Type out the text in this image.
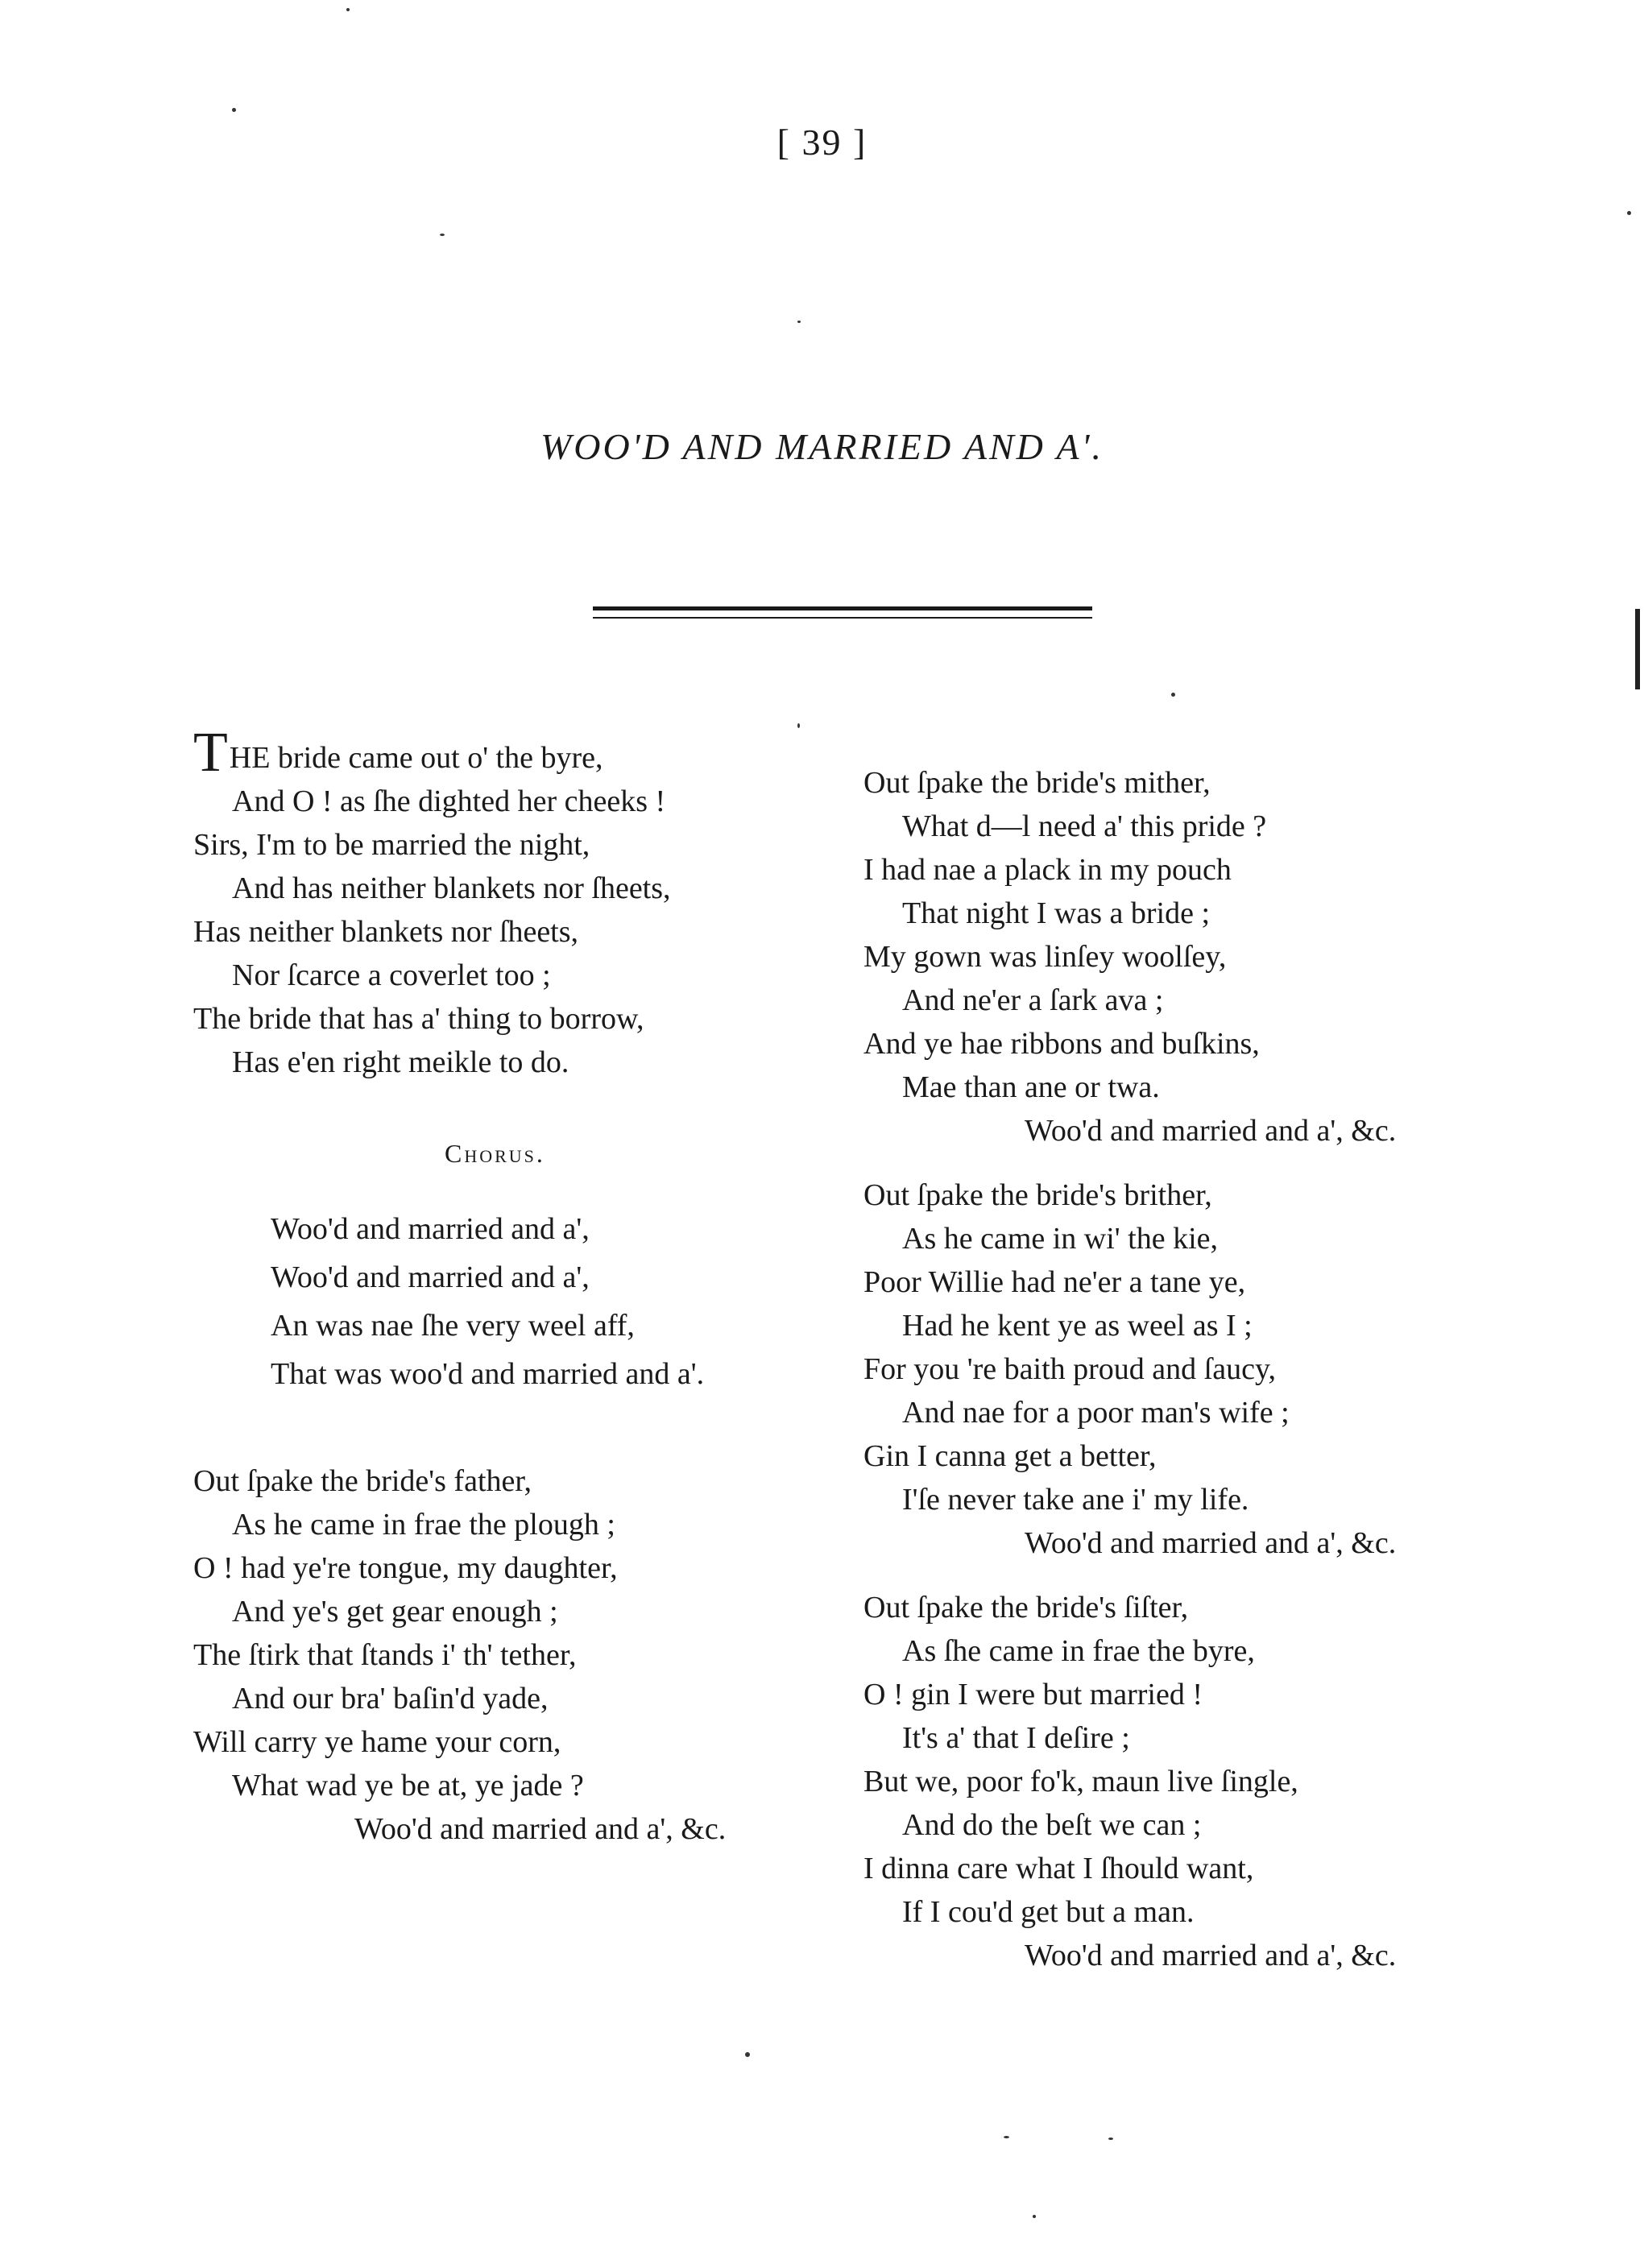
[ 39 ]
WOO'D AND MARRIED AND A'.
THE bride came out o' the byre,
And O ! as ſhe dighted her cheeks !
Sirs, I'm to be married the night,
And has neither blankets nor ſheets,
Has neither blankets nor ſheets,
Nor ſcarce a coverlet too ;
The bride that has a' thing to borrow,
Has e'en right meikle to do.
Chorus.
Woo'd and married and a',
Woo'd and married and a',
An was nae ſhe very weel aff,
That was woo'd and married and a'.
Out ſpake the bride's father,
As he came in frae the plough ;
O ! had ye're tongue, my daughter,
And ye's get gear enough ;
The ſtirk that ſtands i' th' tether,
And our bra' baſin'd yade,
Will carry ye hame your corn,
What wad ye be at, ye jade ?
Woo'd and married and a', &c.
Out ſpake the bride's mither,
What d—l need a' this pride ?
I had nae a plack in my pouch
That night I was a bride ;
My gown was linſey woolſey,
And ne'er a ſark ava ;
And ye hae ribbons and buſkins,
Mae than ane or twa.
Woo'd and married and a', &c.
Out ſpake the bride's brither,
As he came in wi' the kie,
Poor Willie had ne'er a tane ye,
Had he kent ye as weel as I ;
For you 're baith proud and ſaucy,
And nae for a poor man's wife ;
Gin I canna get a better,
I'ſe never take ane i' my life.
Woo'd and married and a', &c.
Out ſpake the bride's ſiſter,
As ſhe came in frae the byre,
O ! gin I were but married !
It's a' that I deſire ;
But we, poor fo'k, maun live ſingle,
And do the beſt we can ;
I dinna care what I ſhould want,
If I cou'd get but a man.
Woo'd and married and a', &c.
